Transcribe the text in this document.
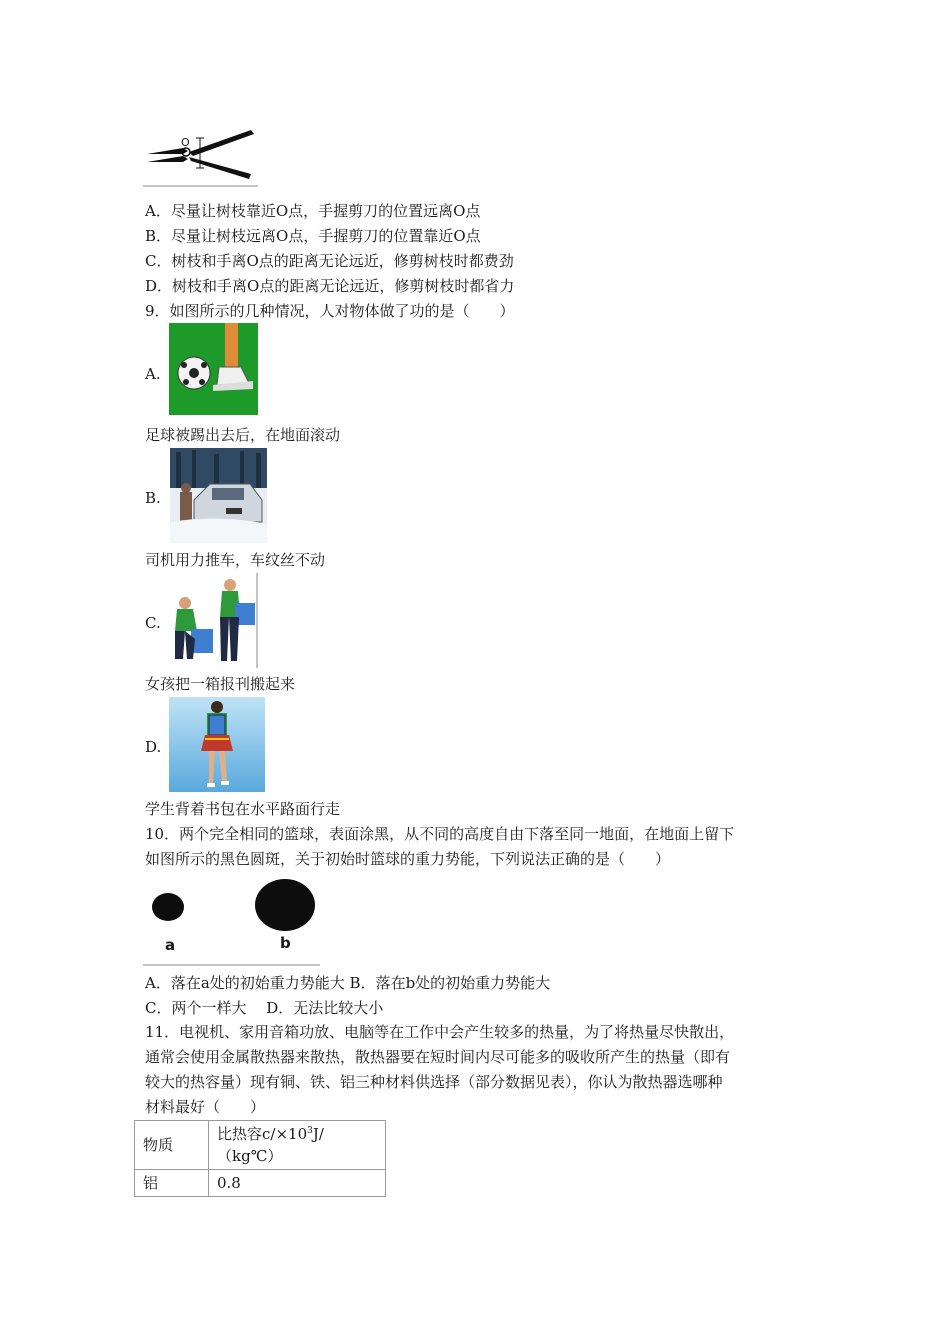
O
A．尽量让树枝靠近O点，手握剪刀的位置远离O点
B．尽量让树枝远离O点，手握剪刀的位置靠近O点
C．树枝和手离O点的距离无论远近，修剪树枝时都费劲
D．树枝和手离O点的距离无论远近，修剪树枝时都省力
9．如图所示的几种情况，人对物体做了功的是（　　）
A.
足球被踢出去后，在地面滚动
B.
司机用力推车，车纹丝不动
C.
女孩把一箱报刊搬起来
D.
学生背着书包在水平路面行走
10．两个完全相同的篮球，表面涂黑，从不同的高度自由下落至同一地面，在地面上留下
如图所示的黑色圆斑，关于初始时篮球的重力势能，下列说法正确的是（　　）
a	b
A．落在a处的初始重力势能大 B．落在b处的初始重力势能大
C．两个一样大　 D．无法比较大小
11．电视机、家用音箱功放、电脑等在工作中会产生较多的热量，为了将热量尽快散出，
通常会使用金属散热器来散热，散热器要在短时间内尽可能多的吸收所产生的热量（即有
较大的热容量）现有铜、铁、铝三种材料供选择（部分数据见表），你认为散热器选哪种
材料最好（　　）
物质	比热容$c/\times 10^3J/(kg℃)$
铝	0.8
